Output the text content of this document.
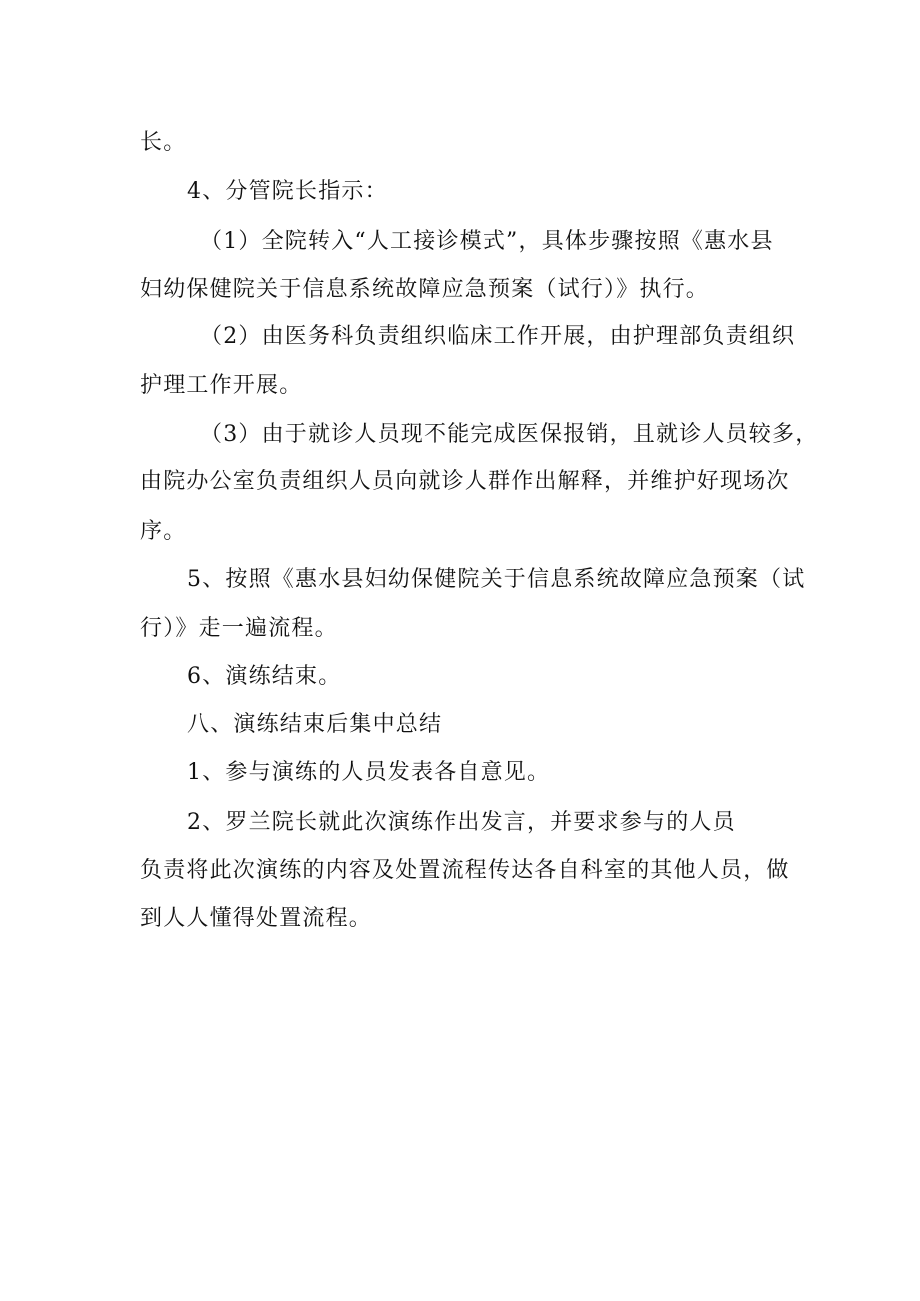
长。
4、分管院长指示：
（1）全院转入“人工接诊模式”，具体步骤按照《惠水县
妇幼保健院关于信息系统故障应急预案（试行）》执行。
（2）由医务科负责组织临床工作开展，由护理部负责组织
护理工作开展。
（3）由于就诊人员现不能完成医保报销，且就诊人员较多，
由院办公室负责组织人员向就诊人群作出解释，并维护好现场次
序。
5、按照《惠水县妇幼保健院关于信息系统故障应急预案（试
行）》走一遍流程。
6、演练结束。
八、演练结束后集中总结
1、参与演练的人员发表各自意见。
2、罗兰院长就此次演练作出发言，并要求参与的人员
负责将此次演练的内容及处置流程传达各自科室的其他人员，做
到人人懂得处置流程。
